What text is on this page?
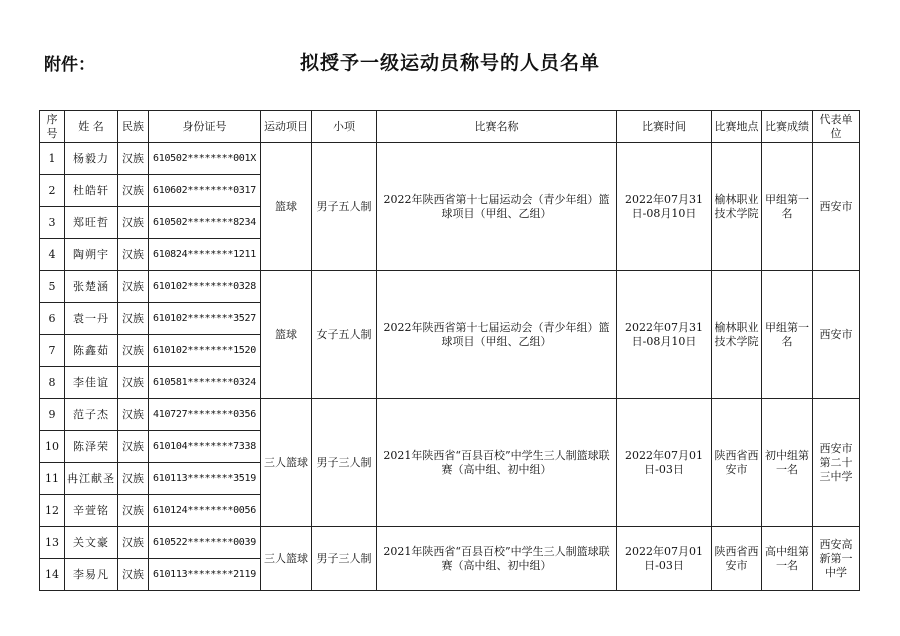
附件：	拟授予一级运动员称号的人员名单
序号	姓 名	民族	身份证号	运动项目	小项	比赛名称	比赛时间	比赛地点	比赛成绩	代表单位
1	杨毅力	汉族	610502********001X	篮球	男子五人制	2022年陕西省第十七届运动会（青少年组）篮球项目（甲组、乙组）	2022年07月31日-08月10日	榆林职业技术学院	甲组第一名	西安市
2	杜皓轩	汉族	610602********0317							
3	郑旺哲	汉族	610502********8234							
4	陶朔宇	汉族	610824********1211							
5	张楚涵	汉族	610102********0328	篮球	女子五人制	2022年陕西省第十七届运动会（青少年组）篮球项目（甲组、乙组）	2022年07月31日-08月10日	榆林职业技术学院	甲组第一名	西安市
6	袁一丹	汉族	610102********3527							
7	陈鑫茹	汉族	610102********1520							
8	李佳谊	汉族	610581********0324							
9	范子杰	汉族	410727********0356	三人篮球	男子三人制	2021年陕西省“百县百校”中学生三人制篮球联赛（高中组、初中组）	2022年07月01日-03日	陕西省西安市	初中组第一名	西安市第二十三中学
10	陈泽荣	汉族	610104********7338							
11	冉江献圣	汉族	610113********3519							
12	辛萱铭	汉族	610124********0056							
13	关文豪	汉族	610522********0039	三人篮球	男子三人制	2021年陕西省“百县百校”中学生三人制篮球联赛（高中组、初中组）	2022年07月01日-03日	陕西省西安市	高中组第一名	西安高新第一中学
14	李易凡	汉族	610113********2119							
